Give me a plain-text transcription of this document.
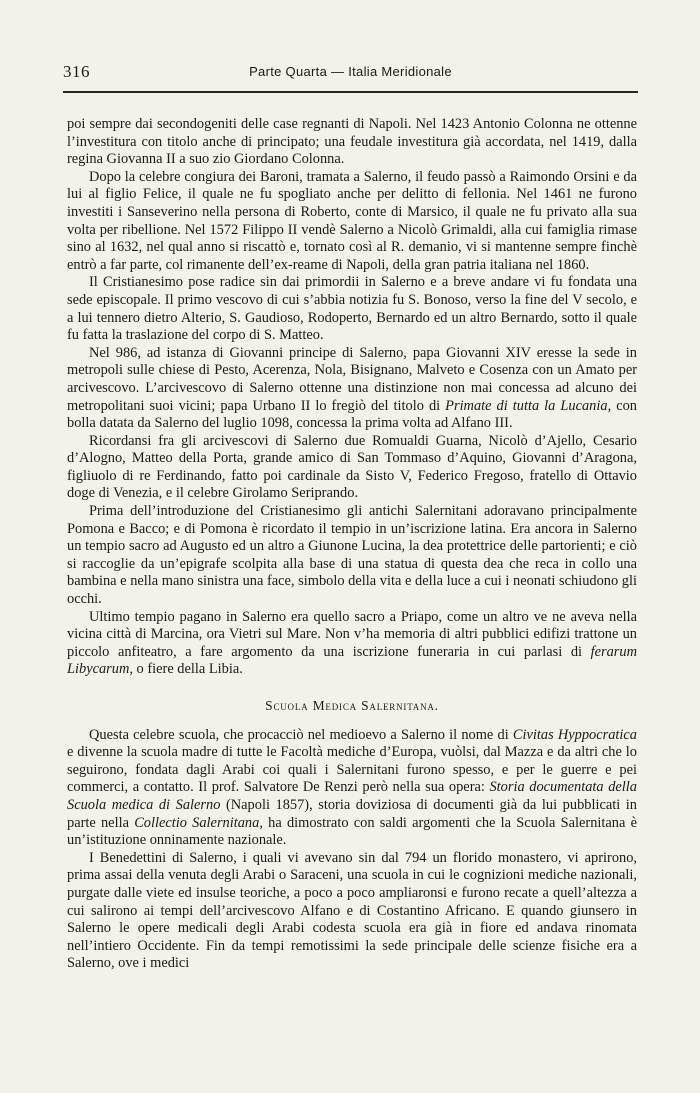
316	Parte Quarta — Italia Meridionale

poi sempre dai secondogeniti delle case regnanti di Napoli. Nel 1423 Antonio Colonna ne ottenne l’investitura con titolo anche di principato; una feudale investitura già accordata, nel 1419, dalla regina Giovanna II a suo zio Giordano Colonna.

Dopo la celebre congiura dei Baroni, tramata a Salerno, il feudo passò a Raimondo Orsini e da lui al figlio Felice, il quale ne fu spogliato anche per delitto di fellonia. Nel 1461 ne furono investiti i Sanseverino nella persona di Roberto, conte di Marsico, il quale ne fu privato alla sua volta per ribellione. Nel 1572 Filippo II vendè Salerno a Nicolò Grimaldi, alla cui famiglia rimase sino al 1632, nel qual anno si riscattò e, tornato così al R. demanio, vi si mantenne sempre finchè entrò a far parte, col rimanente dell’ex-reame di Napoli, della gran patria italiana nel 1860.

Il Cristianesimo pose radice sin dai primordii in Salerno e a breve andare vi fu fondata una sede episcopale. Il primo vescovo di cui s’abbia notizia fu S. Bonoso, verso la fine del V secolo, e a lui tennero dietro Alterio, S. Gaudioso, Rodoperto, Bernardo ed un altro Bernardo, sotto il quale fu fatta la traslazione del corpo di S. Matteo.

Nel 986, ad istanza di Giovanni principe di Salerno, papa Giovanni XIV eresse la sede in metropoli sulle chiese di Pesto, Acerenza, Nola, Bisignano, Malveto e Cosenza con un Amato per arcivescovo. L’arcivescovo di Salerno ottenne una distinzione non mai concessa ad alcuno dei metropolitani suoi vicini; papa Urbano II lo fregiò del titolo di Primate di tutta la Lucania, con bolla datata da Salerno del luglio 1098, concessa la prima volta ad Alfano III.

Ricordansi fra gli arcivescovi di Salerno due Romualdi Guarna, Nicolò d’Ajello, Cesario d’Alogno, Matteo della Porta, grande amico di San Tommaso d’Aquino, Giovanni d’Aragona, figliuolo di re Ferdinando, fatto poi cardinale da Sisto V, Federico Fregoso, fratello di Ottavio doge di Venezia, e il celebre Girolamo Seriprando.

Prima dell’introduzione del Cristianesimo gli antichi Salernitani adoravano principalmente Pomona e Bacco; e di Pomona è ricordato il tempio in un’iscrizione latina. Era ancora in Salerno un tempio sacro ad Augusto ed un altro a Giunone Lucina, la dea protettrice delle partorienti; e ciò si raccoglie da un’epigrafe scolpita alla base di una statua di questa dea che reca in collo una bambina e nella mano sinistra una face, simbolo della vita e della luce a cui i neonati schiudono gli occhi.

Ultimo tempio pagano in Salerno era quello sacro a Priapo, come un altro ve ne aveva nella vicina città di Marcina, ora Vietri sul Mare. Non v’ha memoria di altri pubblici edifizi trattone un piccolo anfiteatro, a fare argomento da una iscrizione funeraria in cui parlasi di ferarum Libycarum, o fiere della Libia.

Scuola Medica Salernitana.

Questa celebre scuola, che procacciò nel medioevo a Salerno il nome di Civitas Hyppocratica e divenne la scuola madre di tutte le Facoltà mediche d’Europa, vuòlsi, dal Mazza e da altri che lo seguirono, fondata dagli Arabi coi quali i Salernitani furono spesso, e per le guerre e pei commerci, a contatto. Il prof. Salvatore De Renzi però nella sua opera: Storia documentata della Scuola medica di Salerno (Napoli 1857), storia doviziosa di documenti già da lui pubblicati in parte nella Collectio Salernitana, ha dimostrato con saldi argomenti che la Scuola Salernitana è un’istituzione onninamente nazionale.

I Benedettini di Salerno, i quali vi avevano sin dal 794 un florido monastero, vi aprirono, prima assai della venuta degli Arabi o Saraceni, una scuola in cui le cognizioni mediche nazionali, purgate dalle viete ed insulse teoriche, a poco a poco ampliaronsi e furono recate a quell’altezza a cui salirono ai tempi dell’arcivescovo Alfano e di Costantino Africano. E quando giunsero in Salerno le opere medicali degli Arabi codesta scuola era già in fiore ed andava rinomata nell’intiero Occidente. Fin da tempi remotissimi la sede principale delle scienze fisiche era a Salerno, ove i medici
